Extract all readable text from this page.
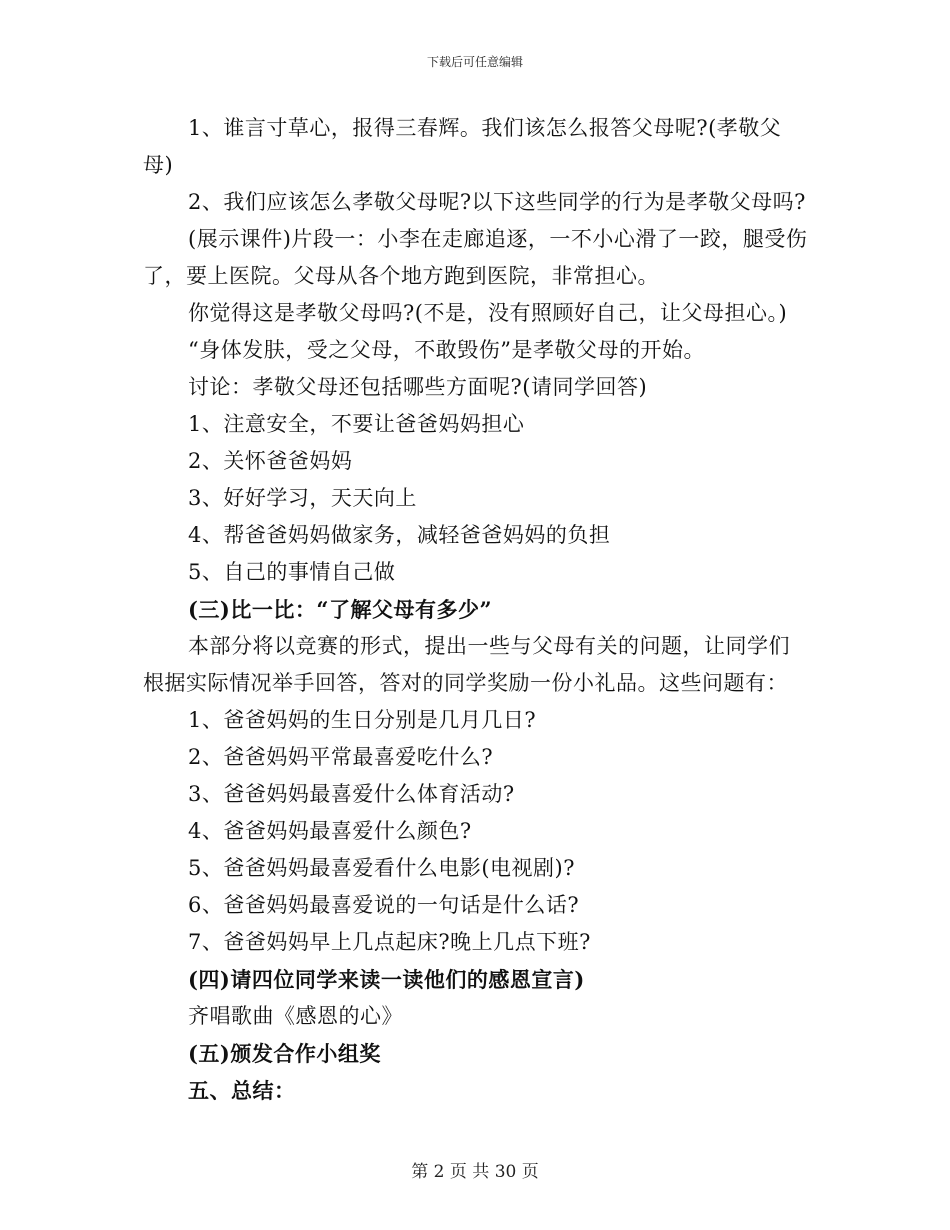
下载后可任意编辑

1、谁言寸草心，报得三春辉。我们该怎么报答父母呢?(孝敬父母)

2、我们应该怎么孝敬父母呢?以下这些同学的行为是孝敬父母吗?

(展示课件)片段一：小李在走廊追逐，一不小心滑了一跤，腿受伤了，要上医院。父母从各个地方跑到医院，非常担心。

你觉得这是孝敬父母吗?(不是，没有照顾好自己，让父母担心。)

“身体发肤，受之父母，不敢毁伤”是孝敬父母的开始。

讨论：孝敬父母还包括哪些方面呢?(请同学回答)

1、注意安全，不要让爸爸妈妈担心

2、关怀爸爸妈妈

3、好好学习，天天向上

4、帮爸爸妈妈做家务，减轻爸爸妈妈的负担

5、自己的事情自己做

(三)比一比：“了解父母有多少”

本部分将以竞赛的形式，提出一些与父母有关的问题，让同学们根据实际情况举手回答，答对的同学奖励一份小礼品。这些问题有：

1、爸爸妈妈的生日分别是几月几日?

2、爸爸妈妈平常最喜爱吃什么?

3、爸爸妈妈最喜爱什么体育活动?

4、爸爸妈妈最喜爱什么颜色?

5、爸爸妈妈最喜爱看什么电影(电视剧)?

6、爸爸妈妈最喜爱说的一句话是什么话?

7、爸爸妈妈早上几点起床?晚上几点下班?

(四)请四位同学来读一读他们的感恩宣言)

齐唱歌曲《感恩的心》

(五)颁发合作小组奖

五、总结：

第 2 页 共 30 页
